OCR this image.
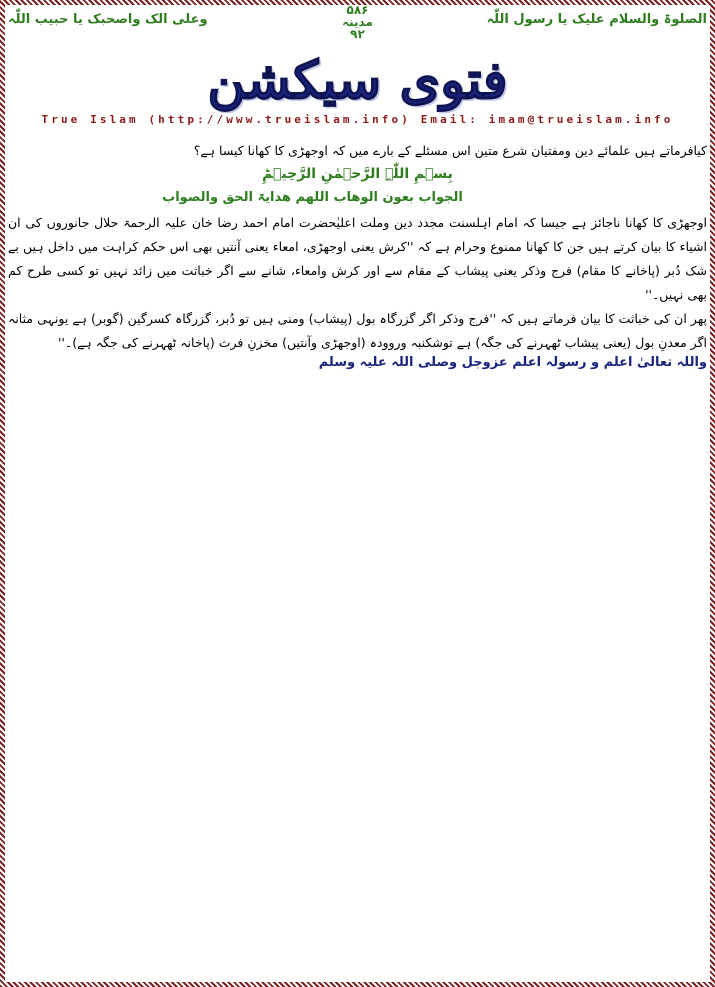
الصلوۃ والسلام علیک یا رسول اللّٰہ
۵۸۶
مدینہ
۹۲
وعلی الک واصحبک یا حبیب اللّٰہ
فتوی سیکشن
True Islam (http://www.trueislam.info) Email: imam@trueislam.info

کیافرماتے ہیں علمائے دین ومفتیان شرع متین اس مسئلے کے بارے میں کہ اوجھڑی کا کھانا کیسا ہے؟

بِسۡمِ اللّٰہِ الرَّحۡمٰنِ الرَّحِیۡمِؕ
الجواب بعون الوھاب اللھم ھدایۃ الحق والصواب

اوجھڑی کا کھانا ناجائز ہے جیسا کہ امام اہلسنت مجدد دین وملت اعلیٰحضرت امام احمد رضا خان علیہ الرحمۃ حلال جانوروں کی ان اشیاء کا بیان کرتے ہیں جن کا کھانا ممنوع وحرام ہے کہ ''کرش یعنی اوجھڑی، امعاء یعنی آنتیں بھی اس حکم کراہت میں داخل ہیں بے شک دُبر (پاخانے کا مقام) فرج وذکر یعنی پیشاب کے مقام سے اور کرش وامعاء، شانے سے اگر خباثت میں زائد نہیں تو کسی طرح کم بھی نہیں۔''

پھر ان کی خباثت کا بیان فرماتے ہیں کہ ''فرج وذکر اگر گزرگاہ بول (پیشاب) ومنی ہیں تو دُبر، گزرگاہ کسرگین (گوبر) ہے یونہی مثانہ اگر معدنِ بول (یعنی پیشاب ٹھہرنے کی جگہ) ہے توشکنبہ وروودہ (اوجھڑی وآنتیں) مخزنِ فرث (پاخانہ ٹھہرنے کی جگہ ہے)۔''

واللہ تعالیٰ اعلم و رسولہ اعلم عزوجل وصلی اللہ علیہ وسلم
